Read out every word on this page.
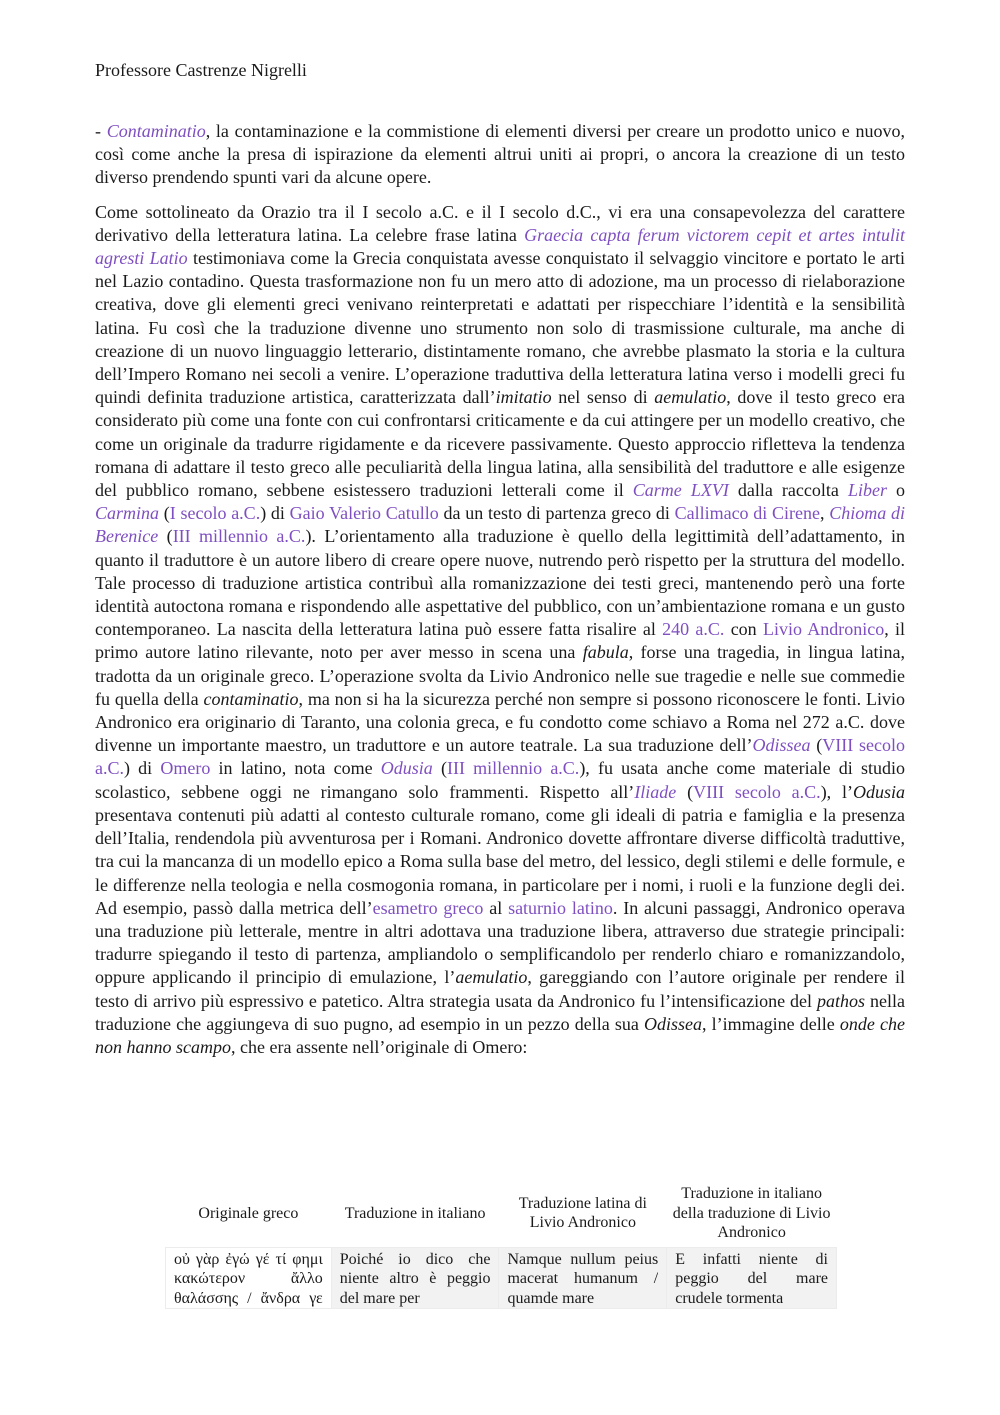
Professore Castrenze Nigrelli

- Contaminatio, la contaminazione e la commistione di elementi diversi per creare un prodotto unico e nuovo, così come anche la presa di ispirazione da elementi altrui uniti ai propri, o ancora la creazione di un testo diverso prendendo spunti vari da alcune opere.

Come sottolineato da Orazio tra il I secolo a.C. e il I secolo d.C., vi era una consapevolezza del carattere derivativo della letteratura latina. La celebre frase latina Graecia capta ferum victorem cepit et artes intulit agresti Latio testimoniava come la Grecia conquistata avesse conquistato il selvaggio vincitore e portato le arti nel Lazio contadino. Questa trasformazione non fu un mero atto di adozione, ma un processo di rielaborazione creativa, dove gli elementi greci venivano reinterpretati e adattati per rispecchiare l’identità e la sensibilità latina. Fu così che la traduzione divenne uno strumento non solo di trasmissione culturale, ma anche di creazione di un nuovo linguaggio letterario, distintamente romano, che avrebbe plasmato la storia e la cultura dell’Impero Romano nei secoli a venire. L’operazione traduttiva della letteratura latina verso i modelli greci fu quindi definita traduzione artistica, caratterizzata dall’imitatio nel senso di aemulatio, dove il testo greco era considerato più come una fonte con cui confrontarsi criticamente e da cui attingere per un modello creativo, che come un originale da tradurre rigidamente e da ricevere passivamente. Questo approccio rifletteva la tendenza romana di adattare il testo greco alle peculiarità della lingua latina, alla sensibilità del traduttore e alle esigenze del pubblico romano, sebbene esistessero traduzioni letterali come il Carme LXVI dalla raccolta Liber o Carmina (I secolo a.C.) di Gaio Valerio Catullo da un testo di partenza greco di Callimaco di Cirene, Chioma di Berenice (III millennio a.C.). L’orientamento alla traduzione è quello della legittimità dell’adattamento, in quanto il traduttore è un autore libero di creare opere nuove, nutrendo però rispetto per la struttura del modello. Tale processo di traduzione artistica contribuì alla romanizzazione dei testi greci, mantenendo però una forte identità autoctona romana e rispondendo alle aspettative del pubblico, con un’ambientazione romana e un gusto contemporaneo. La nascita della letteratura latina può essere fatta risalire al 240 a.C. con Livio Andronico, il primo autore latino rilevante, noto per aver messo in scena una fabula, forse una tragedia, in lingua latina, tradotta da un originale greco. L’operazione svolta da Livio Andronico nelle sue tragedie e nelle sue commedie fu quella della contaminatio, ma non si ha la sicurezza perché non sempre si possono riconoscere le fonti. Livio Andronico era originario di Taranto, una colonia greca, e fu condotto come schiavo a Roma nel 272 a.C. dove divenne un importante maestro, un traduttore e un autore teatrale. La sua traduzione dell’Odissea (VIII secolo a.C.) di Omero in latino, nota come Odusia (III millennio a.C.), fu usata anche come materiale di studio scolastico, sebbene oggi ne rimangano solo frammenti. Rispetto all’Iliade (VIII secolo a.C.), l’Odusia presentava contenuti più adatti al contesto culturale romano, come gli ideali di patria e famiglia e la presenza dell’Italia, rendendola più avventurosa per i Romani. Andronico dovette affrontare diverse difficoltà traduttive, tra cui la mancanza di un modello epico a Roma sulla base del metro, del lessico, degli stilemi e delle formule, e le differenze nella teologia e nella cosmogonia romana, in particolare per i nomi, i ruoli e la funzione degli dei. Ad esempio, passò dalla metrica dell’esametro greco al saturnio latino. In alcuni passaggi, Andronico operava una traduzione più letterale, mentre in altri adottava una traduzione libera, attraverso due strategie principali: tradurre spiegando il testo di partenza, ampliandolo o semplificandolo per renderlo chiaro e romanizzandolo, oppure applicando il principio di emulazione, l’aemulatio, gareggiando con l’autore originale per rendere il testo di arrivo più espressivo e patetico. Altra strategia usata da Andronico fu l’intensificazione del pathos nella traduzione che aggiungeva di suo pugno, ad esempio in un pezzo della sua Odissea, l’immagine delle onde che non hanno scampo, che era assente nell’originale di Omero:

Originale greco	Traduzione in italiano	Traduzione latina di Livio Andronico	Traduzione in italiano della traduzione di Livio Andronico

οὐ γὰρ ἐγώ γέ τί φημι κακώτερον ἄλλο θαλάσσης / ἄνδρα γε	Poiché io dico che niente altro è peggio del mare per	Namque nullum peius macerat humanum / quamde mare	E infatti niente di peggio del mare crudele tormenta
